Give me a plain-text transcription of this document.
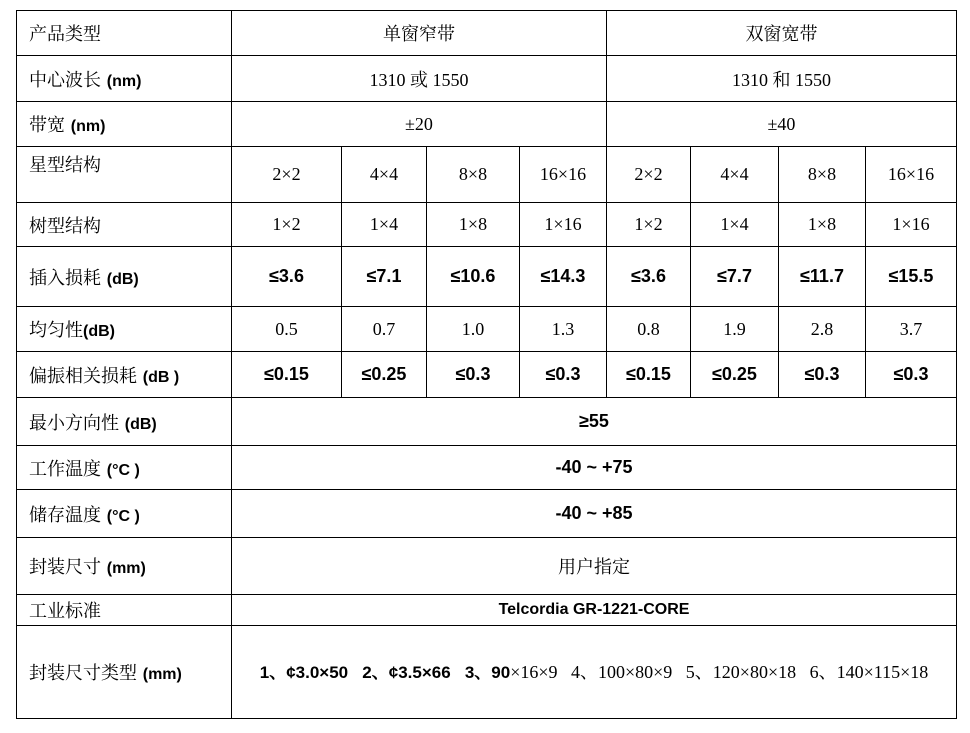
产品类型	单窗窄带				双窗宽带			
中心波长 (nm)	1310 或 1550				1310 和 1550			
带宽 (nm)	±20				±40			
星型结构	2×2	4×4	8×8	16×16	2×2	4×4	8×8	16×16
树型结构	1×2	1×4	1×8	1×16	1×2	1×4	1×8	1×16
插入损耗 (dB)	≤3.6	≤7.1	≤10.6	≤14.3	≤3.6	≤7.7	≤11.7	≤15.5
均匀性(dB)	0.5	0.7	1.0	1.3	0.8	1.9	2.8	3.7
偏振相关损耗 (dB )	≤0.15	≤0.25	≤0.3	≤0.3	≤0.15	≤0.25	≤0.3	≤0.3
最小方向性 (dB)	≥55							
工作温度 (°C )	-40 ~ +75							
储存温度 (°C )	-40 ~ +85							
封装尺寸 (mm)	用户指定							
工业标准	Telcordia GR-1221-CORE							
封装尺寸类型 (mm)	1、¢3.0×50   2、¢3.5×66   3、90×16×9   4、100×80×9   5、120×80×18   6、140×115×18							
